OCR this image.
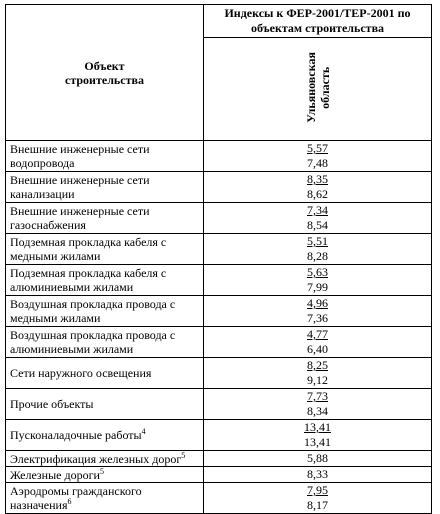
Объект
строительства	Индексы к ФЕР-2001/ТЕР-2001 по объектам строительства
	Ульяновская
область
Внешние инженерные сети
водопровода	5,57
7,48

Внешние инженерные сети
канализации	8,35
8,62

Внешние инженерные сети
газоснабжения	7,34
8,54

Подземная прокладка кабеля с
медными жилами	5,51
8,28

Подземная прокладка кабеля с
алюминиевыми жилами	5,63
7,99

Воздушная прокладка провода с
медными жилами	4,96
7,36

Воздушная прокладка провода с
алюминиевыми жилами	4,77
6,40

Сети наружного освещения	8,25
9,12

Прочие объекты	7,73
8,34

Пусконаладочные работы$^4$	13,41
13,41

Электрификация железных дорог$^5$	5,88

Железные дороги$^5$	8,33

Аэродромы гражданского
назначения$^6$	7,95
8,17
